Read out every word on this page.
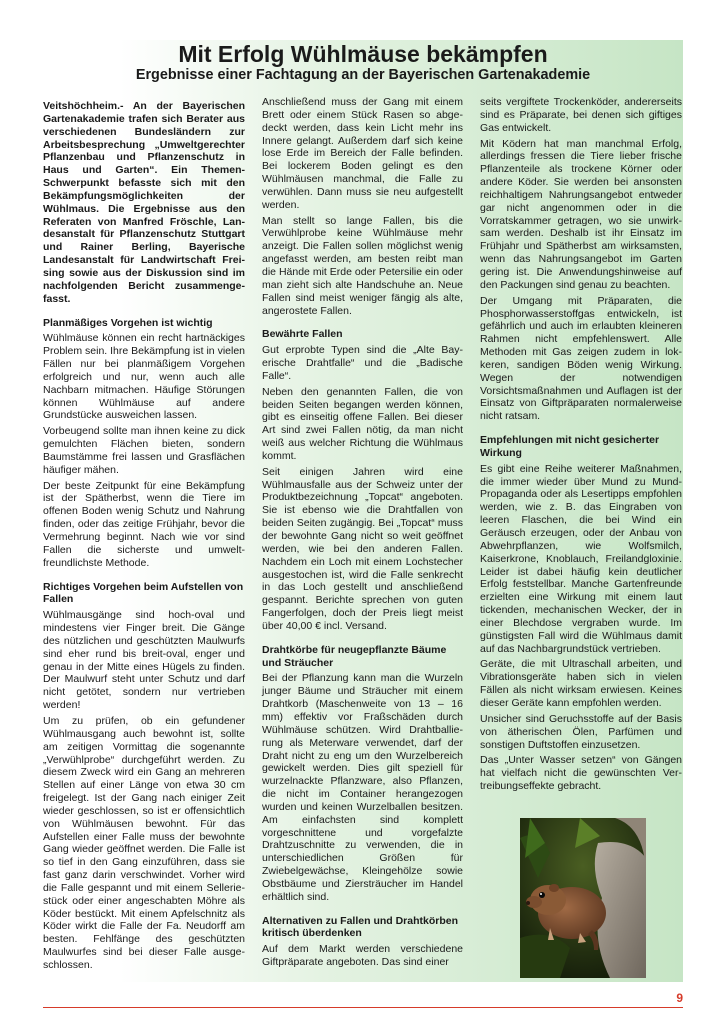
Mit Erfolg Wühlmäuse bekämpfen
Ergebnisse einer Fachtagung an der Bayerischen Gartenakademie

Veitshöchheim.- An der Bayerischen Gartenakademie trafen sich Berater aus verschiedenen Bundesländern zur Arbeitsbesprechung „Umweltgerechter Pflanzenbau und Pflanzenschutz in Haus und Garten“. Ein Themen-Schwerpunkt befasste sich mit den Bekämpfungsmöglichkeiten der Wühlmaus. Die Ergebnisse aus den Referaten von Manfred Fröschle, Landesanstalt für Pflanzenschutz Stuttgart und Rainer Berling, Bayerische Landesanstalt für Landwirtschaft Freising sowie aus der Diskussion sind im nachfolgenden Bericht zusammengefasst.

Planmäßiges Vorgehen ist wichtig

Wühlmäuse können ein recht hartnäckiges Problem sein. Ihre Bekämpfung ist in vielen Fällen nur bei planmäßigem Vorgehen erfolgreich und nur, wenn auch alle Nachbarn mitmachen. Häufige Störungen können Wühlmäuse auf andere Grundstücke ausweichen lassen.

Vorbeugend sollte man ihnen keine zu dick gemulchten Flächen bieten, sondern Baumstämme frei lassen und Grasflächen häufiger mähen.

Der beste Zeitpunkt für eine Bekämpfung ist der Spätherbst, wenn die Tiere im offenen Boden wenig Schutz und Nahrung finden, oder das zeitige Frühjahr, bevor die Vermehrung beginnt. Nach wie vor sind Fallen die sicherste und umweltfreundlichste Methode.

Richtiges Vorgehen beim Aufstellen von Fallen

Wühlmausgänge sind hoch-oval und mindestens vier Finger breit. Die Gänge des nützlichen und geschützten Maulwurfs sind eher rund bis breit-oval, enger und genau in der Mitte eines Hügels zu finden. Der Maulwurf steht unter Schutz und darf nicht getötet, sondern nur vertrieben werden!

Um zu prüfen, ob ein gefundener Wühlmausgang auch bewohnt ist, sollte am zeitigen Vormittag die sogenannte „Verwühlprobe“ durchgeführt werden. Zu diesem Zweck wird ein Gang an mehreren Stellen auf einer Länge von etwa 30 cm freigelegt. Ist der Gang nach einiger Zeit wieder geschlossen, so ist er offensichtlich von Wühlmäusen bewohnt. Für das Aufstellen einer Falle muss der bewohnte Gang wieder geöffnet werden. Die Falle ist so tief in den Gang einzuführen, dass sie fast ganz darin verschwindet. Vorher wird die Falle gespannt und mit einem Selleriestück oder einer angeschabten Möhre als Köder bestückt. Mit einem Apfelschnitz als Köder wirkt die Falle der Fa. Neudorff am besten. Fehlfänge des geschützten Maulwurfes sind bei dieser Falle ausgeschlossen.

Anschließend muss der Gang mit einem Brett oder einem Stück Rasen so abgedeckt werden, dass kein Licht mehr ins Innere gelangt. Außerdem darf sich keine lose Erde im Bereich der Falle befinden. Bei lockerem Boden gelingt es den Wühlmäusen manchmal, die Falle zu verwühlen. Dann muss sie neu aufgestellt werden.

Man stellt so lange Fallen, bis die Verwühlprobe keine Wühlmäuse mehr anzeigt. Die Fallen sollen möglichst wenig angefasst werden, am besten reibt man die Hände mit Erde oder Petersilie ein oder man zieht sich alte Handschuhe an. Neue Fallen sind meist weniger fängig als alte, angerostete Fallen.

Bewährte Fallen

Gut erprobte Typen sind die „Alte Bayerische Drahtfalle“ und die „Badische Falle“.

Neben den genannten Fallen, die von beiden Seiten begangen werden können, gibt es einseitig offene Fallen. Bei dieser Art sind zwei Fallen nötig, da man nicht weiß aus welcher Richtung die Wühlmaus kommt.

Seit einigen Jahren wird eine Wühlmausfalle aus der Schweiz unter der Produktbezeichnung „Topcat“ angeboten. Sie ist ebenso wie die Drahtfallen von beiden Seiten zugängig. Bei „Topcat“ muss der bewohnte Gang nicht so weit geöffnet werden, wie bei den anderen Fallen. Nachdem ein Loch mit einem Lochstecher ausgestochen ist, wird die Falle senkrecht in das Loch gestellt und anschließend gespannt. Berichte sprechen von guten Fangerfolgen, doch der Preis liegt meist über 40,00 € incl. Versand.

Drahtkörbe für neugepflanzte Bäume und Sträucher

Bei der Pflanzung kann man die Wurzeln junger Bäume und Sträucher mit einem Drahtkorb (Maschenweite von 13 – 16 mm) effektiv vor Fraßschäden durch Wühlmäuse schützen. Wird Drahtballierung als Meterware verwendet, darf der Draht nicht zu eng um den Wurzelbereich gewickelt werden. Dies gilt speziell für wurzelnackte Pflanzware, also Pflanzen, die nicht im Container herangezogen wurden und keinen Wurzelballen besitzen. Am einfachsten sind komplett vorgeschnittene und vorgefalzte Drahtzuschnitte zu verwenden, die in unterschiedlichen Größen für Zwiebelgewächse, Kleingehölze sowie Obstbäume und Ziersträucher im Handel erhältlich sind.

Alternativen zu Fallen und Drahtkörben kritisch überdenken

Auf dem Markt werden verschiedene Giftpräparate angeboten. Das sind einer

seits vergiftete Trockenköder, andererseits sind es Präparate, bei denen sich giftiges Gas entwickelt.

Mit Ködern hat man manchmal Erfolg, allerdings fressen die Tiere lieber frische Pflanzenteile als trockene Körner oder andere Köder. Sie werden bei ansonsten reichhaltigem Nahrungsangebot entweder gar nicht angenommen oder in die Vorratskammer getragen, wo sie unwirksam werden. Deshalb ist ihr Einsatz im Frühjahr und Spätherbst am wirksamsten, wenn das Nahrungsangebot im Garten gering ist. Die Anwendungshinweise auf den Packungen sind genau zu beachten.

Der Umgang mit Präparaten, die Phosphorwasserstoffgas entwickeln, ist gefährlich und auch im erlaubten kleineren Rahmen nicht empfehlenswert. Alle Methoden mit Gas zeigen zudem in lokkeren, sandigen Böden wenig Wirkung. Wegen der notwendigen Vorsichtsmaßnahmen und Auflagen ist der Einsatz von Giftpräparaten normalerweise nicht ratsam.

Empfehlungen mit nicht gesicherter Wirkung

Es gibt eine Reihe weiterer Maßnahmen, die immer wieder über Mund zu Mund-Propaganda oder als Lesertipps empfohlen werden, wie z. B. das Eingraben von leeren Flaschen, die bei Wind ein Geräusch erzeugen, oder der Anbau von Abwehrpflanzen, wie Wolfsmilch, Kaiserkrone, Knoblauch, Freilandgloxinie. Leider ist dabei häufig kein deutlicher Erfolg feststellbar. Manche Gartenfreunde erzielten eine Wirkung mit einem laut tickenden, mechanischen Wecker, der in einer Blechdose vergraben wurde. Im günstigsten Fall wird die Wühlmaus damit auf das Nachbargrundstück vertrieben.

Geräte, die mit Ultraschall arbeiten, und Vibrationsgeräte haben sich in vielen Fällen als nicht wirksam erwiesen. Keines dieser Geräte kann empfohlen werden.

Unsicher sind Geruchsstoffe auf der Basis von ätherischen Ölen, Parfümen und sonstigen Duftstoffen einzusetzen.

Das „Unter Wasser setzen“ von Gängen hat vielfach nicht die gewünschten Vertreibungseffekte gebracht.

9
